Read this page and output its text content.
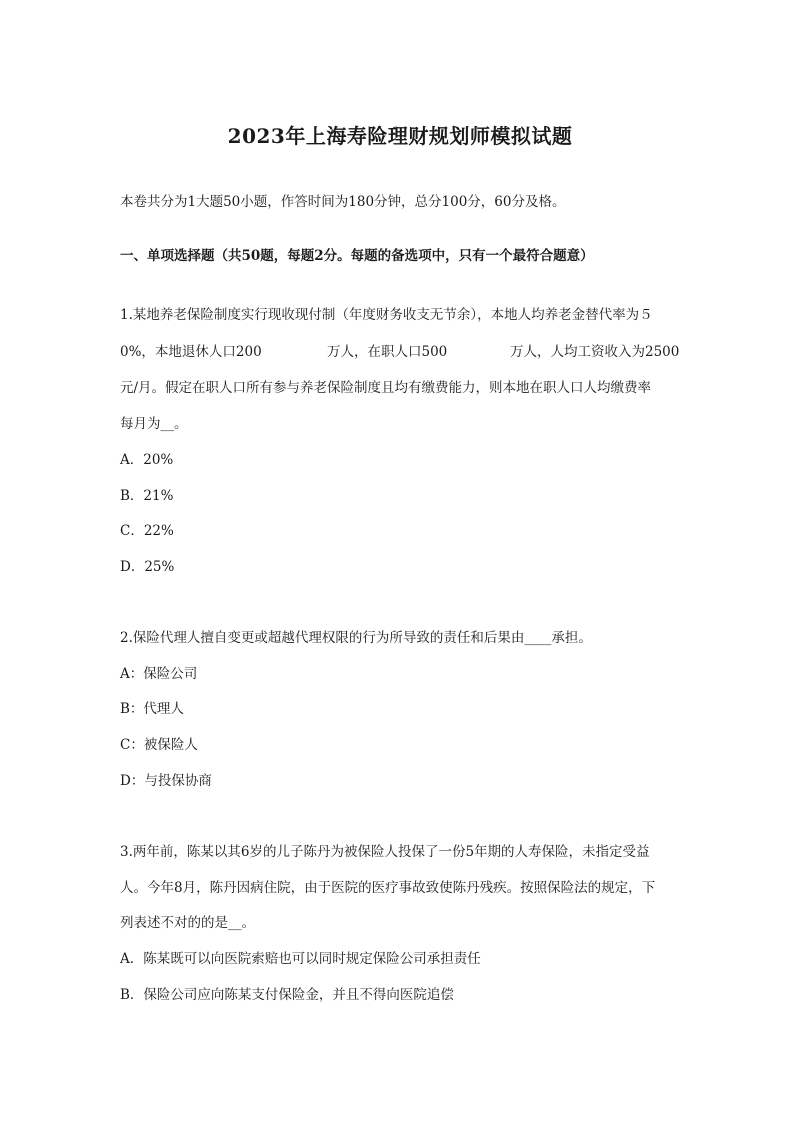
2023年上海寿险理财规划师模拟试题
本卷共分为1大题50小题，作答时间为180分钟，总分100分，60分及格。
一、单项选择题（共50题，每题2分。每题的备选项中，只有一个最符合题意）
1.某地养老保险制度实行现收现付制（年度财务收支无节余），本地人均养老金替代率为５
0%，本地退休人口200	万人，在职人口500	万人，人均工资收入为2500
元/月。假定在职人口所有参与养老保险制度且均有缴费能力，则本地在职人口人均缴费率
每月为__。
A．20%
B．21%
C．22%
D．25%
2.保险代理人擅自变更或超越代理权限的行为所导致的责任和后果由____承担。
A：保险公司
B：代理人
C：被保险人
D：与投保协商
3.两年前，陈某以其6岁的儿子陈丹为被保险人投保了一份5年期的人寿保险，未指定受益
人。今年8月，陈丹因病住院，由于医院的医疗事故致使陈丹残疾。按照保险法的规定，下
列表述不对的的是__。
A．陈某既可以向医院索赔也可以同时规定保险公司承担责任
B．保险公司应向陈某支付保险金，并且不得向医院追偿
